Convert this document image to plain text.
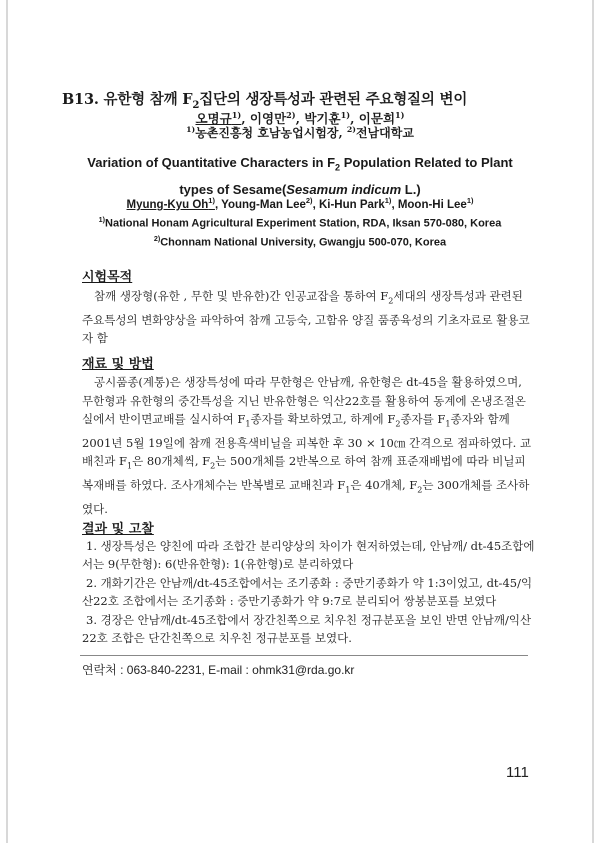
B13. 유한형 참깨 $F_2$집단의 생장특성과 관련된 주요형질의 변이
오명규$^{1)}$, 이영만$^{2)}$, 박기훈$^{1)}$, 이문희$^{1)}$
$^{1)}$농촌진흥청 호남농업시험장, $^{2)}$전남대학교
Variation of Quantitative Characters in $F_2$ Population Related to Plant
types of Sesame(Sesamum indicum L.)
Myung-Kyu Oh$^{1)}$, Young-Man Lee$^{2)}$, Ki-Hun Park$^{1)}$, Moon-Hi Lee$^{1)}$
$^{1)}$National Honam Agricultural Experiment Station, RDA, Iksan 570-080, Korea
$^{2)}$Chonnam National University, Gwangju 500-070, Korea
시험목적

참깨 생장형(유한 , 무한 및 반유한)간 인공교잡을 통하여 $F_2$세대의 생장특성과 관련된 주요특성의 변화양상을 파악하여 참깨 고등숙, 고함유 양질 품종육성의 기초자료로 활용코자 함

재료 및 방법

공시품종(계통)은 생장특성에 따라 무한형은 안남깨, 유한형은 dt-45을 활용하였으며, 무한형과 유한형의 중간특성을 지닌 반유한형은 익산22호를 활용하여 동계에 온냉조절온실에서 반이면교배를 실시하여 $F_1$종자를 확보하였고, 하계에 $F_2$종자를 $F_1$종자와 함께 2001년 5월 19일에 참깨 전용흑색비닐을 피복한 후 30 × 10㎝ 간격으로 점파하였다. 교배친과 $F_1$은 80개체씩, $F_2$는 500개체를 2반복으로 하여 참깨 표준재배법에 따라 비닐피복재배를 하였다. 조사개체수는 반복별로 교배친과 $F_1$은 40개체, $F_2$는 300개체를 조사하였다.

결과 및 고찰

1. 생장특성은 양친에 따라 조합간 분리양상의 차이가 현저하였는데, 안남깨/ dt-45조합에서는 9(무한형): 6(반유한형): 1(유한형)로 분리하였다

2. 개화기간은 안남깨/dt-45조합에서는 조기종화 : 중만기종화가 약 1:3이었고, dt-45/익산22호 조합에서는 조기종화 : 중만기종화가 약 9:7로 분리되어 쌍봉분포를 보였다

3. 경장은 안남깨/dt-45조합에서 장간친쪽으로 치우친 정규분포을 보인 반면 안남깨/익산22호 조합은 단간친쪽으로 치우친 정규분포를 보였다.

연락처 : 063-840-2231, E-mail : ohmk31@rda.go.kr
111
